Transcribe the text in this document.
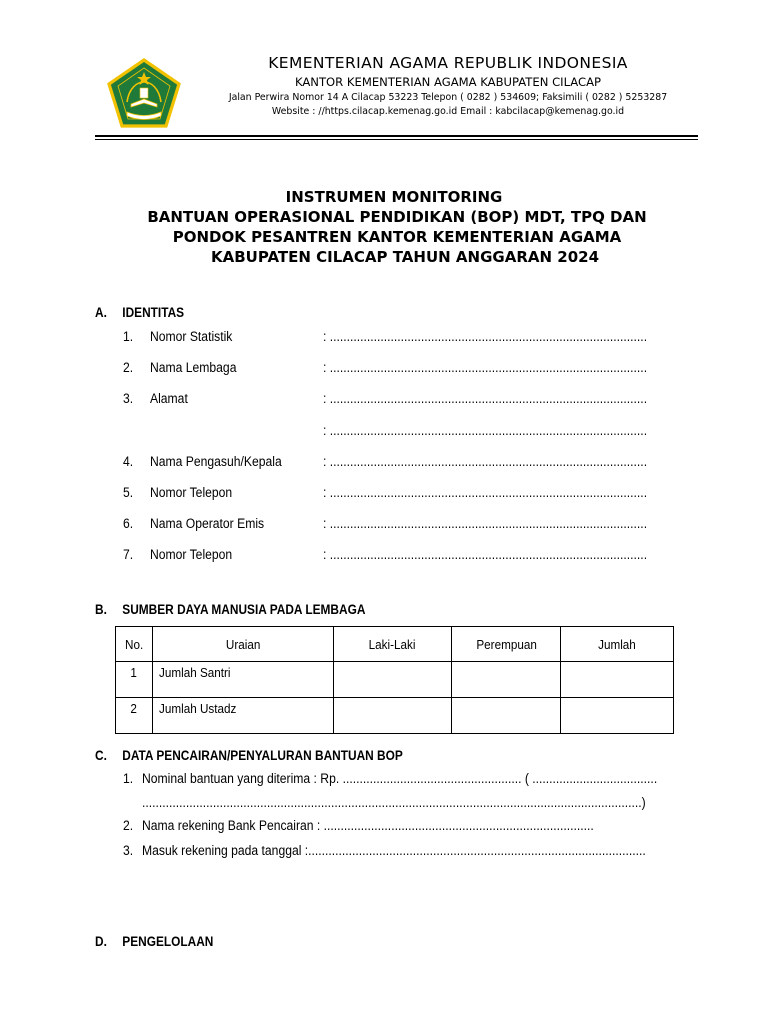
KEMENTERIAN AGAMA REPUBLIK INDONESIA
KANTOR KEMENTERIAN AGAMA KABUPATEN CILACAP
Jalan Perwira Nomor 14 A Cilacap 53223 Telepon ( 0282 ) 534609; Faksimili ( 0282 ) 5253287
Website : //https.cilacap.kemenag.go.id Email : kabcilacap@kemenag.go.id
INSTRUMEN MONITORING
BANTUAN OPERASIONAL PENDIDIKAN (BOP) MDT, TPQ DAN
PONDOK PESANTREN KANTOR KEMENTERIAN AGAMA
KABUPATEN CILACAP TAHUN ANGGARAN 2024
A. IDENTITAS
1. Nomor Statistik	: ..............................................................................................
2. Nama Lembaga	: ..............................................................................................
3. Alamat	: ..............................................................................................
: ..............................................................................................
4. Nama Pengasuh/Kepala	: ..............................................................................................
5. Nomor Telepon	: ..............................................................................................
6. Nama Operator Emis	: ..............................................................................................
7. Nomor Telepon	: ..............................................................................................
B. SUMBER DAYA MANUSIA PADA LEMBAGA
No.	Uraian	Laki-Laki	Perempuan	Jumlah
1	Jumlah Santri			
2	Jumlah Ustadz			
C. DATA PENCAIRAN/PENYALURAN BANTUAN BOP
1. Nominal bantuan yang diterima : Rp. ..................................................... ( .....................................
....................................................................................................................................................)
2. Nama rekening Bank Pencairan : ................................................................................
3. Masuk rekening pada tanggal :....................................................................................................
D. PENGELOLAAN
